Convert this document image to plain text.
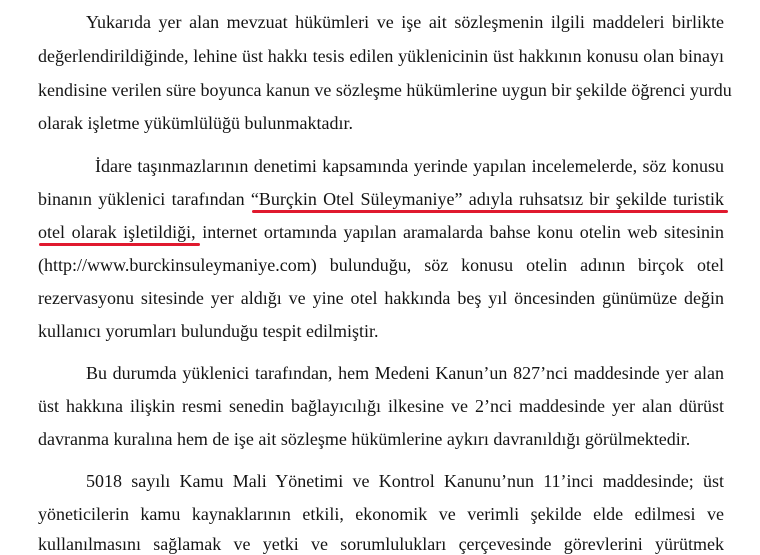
Yukarıda yer alan mevzuat hükümleri ve işe ait sözleşmenin ilgili maddeleri birlikte
değerlendirildiğinde, lehine üst hakkı tesis edilen yüklenicinin üst hakkının konusu olan binayı
kendisine verilen süre boyunca kanun ve sözleşme hükümlerine uygun bir şekilde öğrenci yurdu
olarak işletme yükümlülüğü bulunmaktadır.
İdare taşınmazlarının denetimi kapsamında yerinde yapılan incelemelerde, söz konusu
binanın yüklenici tarafından “Burçkin Otel Süleymaniye” adıyla ruhsatsız bir şekilde turistik
otel olarak işletildiği, internet ortamında yapılan aramalarda bahse konu otelin web sitesinin
(http://www.burckinsuleymaniye.com) bulunduğu, söz konusu otelin adının birçok otel
rezervasyonu sitesinde yer aldığı ve yine otel hakkında beş yıl öncesinden günümüze değin
kullanıcı yorumları bulunduğu tespit edilmiştir.
Bu durumda yüklenici tarafından, hem Medeni Kanun’un 827’nci maddesinde yer alan
üst hakkına ilişkin resmi senedin bağlayıcılığı ilkesine ve 2’nci maddesinde yer alan dürüst
davranma kuralına hem de işe ait sözleşme hükümlerine aykırı davranıldığı görülmektedir.
5018 sayılı Kamu Mali Yönetimi ve Kontrol Kanunu’nun 11’inci maddesinde; üst
yöneticilerin kamu kaynaklarının etkili, ekonomik ve verimli şekilde elde edilmesi ve
kullanılmasını sağlamak ve yetki ve sorumlulukları çerçevesinde görevlerini yürütmek
